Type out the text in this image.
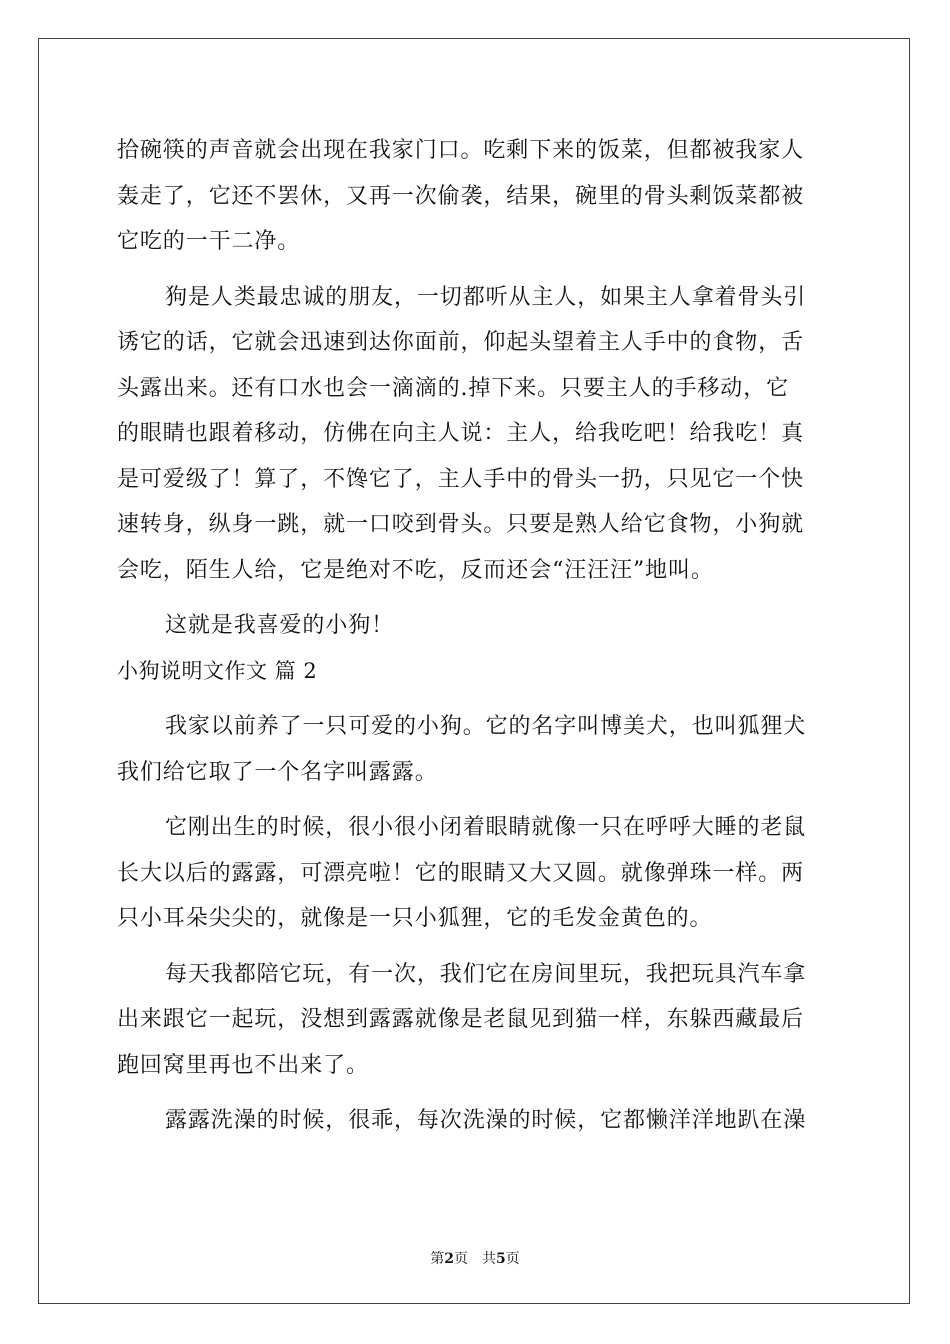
拾碗筷的声音就会出现在我家门口。吃剩下来的饭菜，但都被我家人
轰走了，它还不罢休，又再一次偷袭，结果，碗里的骨头剩饭菜都被
它吃的一干二净。
狗是人类最忠诚的朋友，一切都听从主人，如果主人拿着骨头引
诱它的话，它就会迅速到达你面前，仰起头望着主人手中的食物，舌
头露出来。还有口水也会一滴滴的.掉下来。只要主人的手移动，它
的眼睛也跟着移动，仿佛在向主人说：主人，给我吃吧！给我吃！真
是可爱级了！算了，不馋它了，主人手中的骨头一扔，只见它一个快
速转身，纵身一跳，就一口咬到骨头。只要是熟人给它食物，小狗就
会吃，陌生人给，它是绝对不吃，反而还会“汪汪汪”地叫。
这就是我喜爱的小狗！
小狗说明文作文 篇 2
我家以前养了一只可爱的小狗。它的名字叫博美犬，也叫狐狸犬
我们给它取了一个名字叫露露。
它刚出生的时候，很小很小闭着眼睛就像一只在呼呼大睡的老鼠
长大以后的露露，可漂亮啦！它的眼睛又大又圆。就像弹珠一样。两
只小耳朵尖尖的，就像是一只小狐狸，它的毛发金黄色的。
每天我都陪它玩，有一次，我们它在房间里玩，我把玩具汽车拿
出来跟它一起玩，没想到露露就像是老鼠见到猫一样，东躲西藏最后
跑回窝里再也不出来了。
露露洗澡的时候，很乖，每次洗澡的时候，它都懒洋洋地趴在澡
第2页 共5页
